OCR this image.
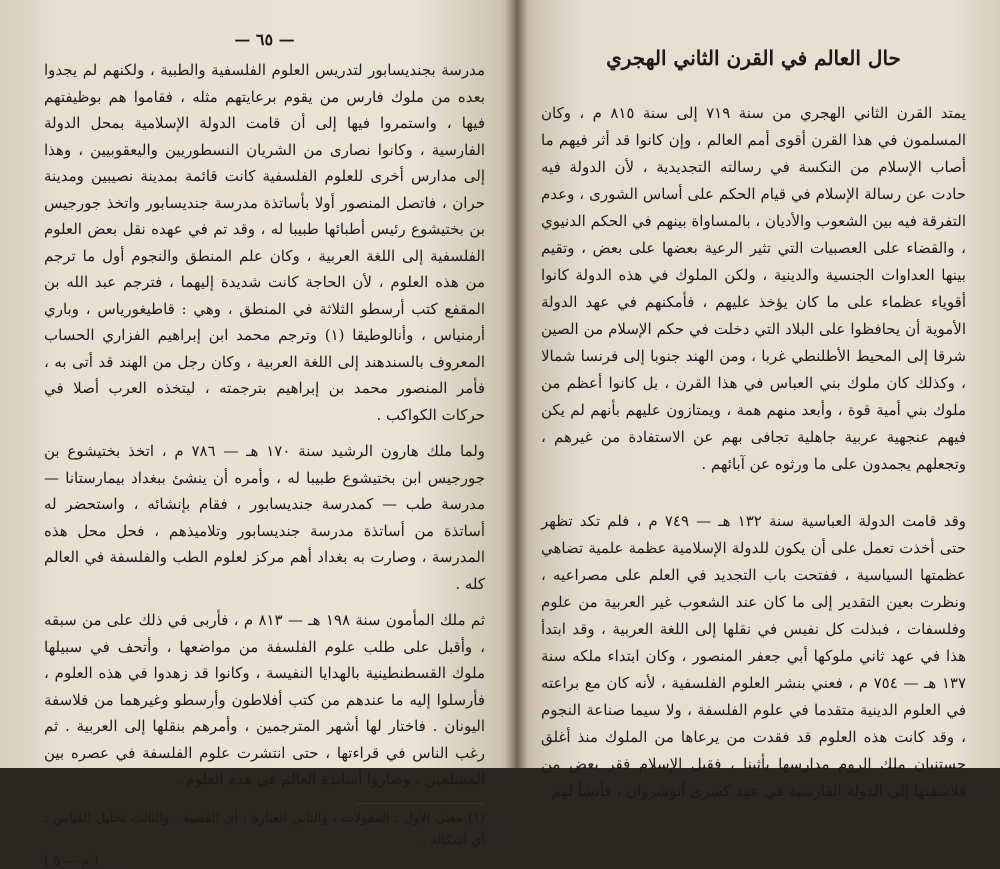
— ٦٥ —

مدرسة بجنديسابور لتدريس العلوم الفلسفية والطبية ، ولكنهم لم يجدوا بعده من ملوك فارس من يقوم برعايتهم مثله ، فقاموا هم بوظيفتهم فيها ، واستمروا فيها إلى أن قامت الدولة الإسلامية بمحل الدولة الفارسية ، وكانوا نصارى من الشريان النسطوريين واليعقوبيين ، وهذا إلى مدارس أخرى للعلوم الفلسفية كانت قائمة بمدينة نصيبين ومدينة حران ، فاتصل المنصور أولا بأساتذة مدرسة جنديسابور واتخذ جورجيس بن بختيشوع رئيس أطبائها طبيبا له ، وقد تم في عهده نقل بعض العلوم الفلسفية إلى اللغة العربية ، وكان علم المنطق والنجوم أول ما ترجم من هذه العلوم ، لأن الحاجة كانت شديدة إليهما ، فترجم عبد الله بن المقفع كتب أرسطو الثلاثة في المنطق ، وهي : قاطيغورياس ، وباري أرمنياس ، وأنالوطيقا (١) وترجم محمد ابن إبراهيم الفزاري الحساب المعروف بالسندهند إلى اللغة العربية ، وكان رجل من الهند قد أتى به ، فأمر المنصور محمد بن إبراهيم بترجمته ، ليتخذه العرب أصلا في حركات الكواكب .

ولما ملك هارون الرشيد سنة ١٧٠ هـ — ٧٨٦ م ، اتخذ بختيشوع بن جورجيس ابن بختيشوع طبيبا له ، وأمره أن ينشئ ببغداد بيمارستانا — مدرسة طب — كمدرسة جنديسابور ، فقام بإنشائه ، واستحضر له أساتذة من أساتذة مدرسة جنديسابور وتلاميذهم ، فحل محل هذه المدرسة ، وصارت به بغداد أهم مركز لعلوم الطب والفلسفة في العالم كله .

ثم ملك المأمون سنة ١٩٨ هـ — ٨١٣ م ، فأربى في ذلك على من سبقه ، وأقبل على طلب علوم الفلسفة من مواضعها ، وأتحف في سبيلها ملوك القسطنطينية بالهدايا النفيسة ، وكانوا قد زهدوا في هذه العلوم ، فأرسلوا إليه ما عندهم من كتب أفلاطون وأرسطو وغيرهما من فلاسفة اليونان . فاختار لها أشهر المترجمين ، وأمرهم بنقلها إلى العربية . ثم رغب الناس في قراءتها ، حتى انتشرت علوم الفلسفة في عصره بين المسلمين ، وصاروا أساتذة العالم في هذه العلوم .

(١) معنى الأول : المقولات ، والثاني العبارة : أي القضية . والثالث تحليل القياس : أي أشكاله .
( م — ٥ )
حال العالم في القرن الثاني الهجري

يمتد القرن الثاني الهجري من سنة ٧١٩ إلى سنة ٨١٥ م ، وكان المسلمون في هذا القرن أقوى أمم العالم ، وإن كانوا قد أثر فيهم ما أصاب الإسلام من النكسة في رسالته التجديدية ، لأن الدولة فيه حادت عن رسالة الإسلام في قيام الحكم على أساس الشورى ، وعدم التفرقة فيه بين الشعوب والأديان ، بالمساواة بينهم في الحكم الدنيوي ، والقضاء على العصبيات التي تثير الرعية بعضها على بعض ، وتقيم بينها العداوات الجنسية والدينية ، ولكن الملوك في هذه الدولة كانوا أقوياء عظماء على ما كان يؤخذ عليهم ، فأمكنهم في عهد الدولة الأموية أن يحافظوا على البلاد التي دخلت في حكم الإسلام من الصين شرقا إلى المحيط الأطلنطي غربا ، ومن الهند جنوبا إلى فرنسا شمالا ، وكذلك كان ملوك بني العباس في هذا القرن ، بل كانوا أعظم من ملوك بني أمية قوة ، وأبعد منهم همة ، ويمتازون عليهم بأنهم لم يكن فيهم عنجهية عربية جاهلية تجافى بهم عن الاستفادة من غيرهم ، وتجعلهم يجمدون على ما ورثوه عن آبائهم .

وقد قامت الدولة العباسية سنة ١٣٢ هـ — ٧٤٩ م ، فلم تكد تظهر حتى أخذت تعمل على أن يكون للدولة الإسلامية عظمة علمية تضاهي عظمتها السياسية ، ففتحت باب التجديد في العلم على مصراعيه ، ونظرت بعين التقدير إلى ما كان عند الشعوب غير العربية من علوم وفلسفات ، فبذلت كل نفيس في نقلها إلى اللغة العربية ، وقد ابتدأ هذا في عهد ثاني ملوكها أبي جعفر المنصور ، وكان ابتداء ملكه سنة ١٣٧ هـ — ٧٥٤ م ، فعني بنشر العلوم الفلسفية ، لأنه كان مع براعته في العلوم الدينية متقدما في علوم الفلسفة ، ولا سيما صناعة النجوم ، وقد كانت هذه العلوم قد فقدت من يرعاها من الملوك منذ أغلق جستنيان ملك الروم مدارسها بأثينا ، فقيل الإسلام فقر بعض من فلاسفتها إلى الدولة الفارسية في عهد كسرى أنوشروان ، فأنشأ لهم
